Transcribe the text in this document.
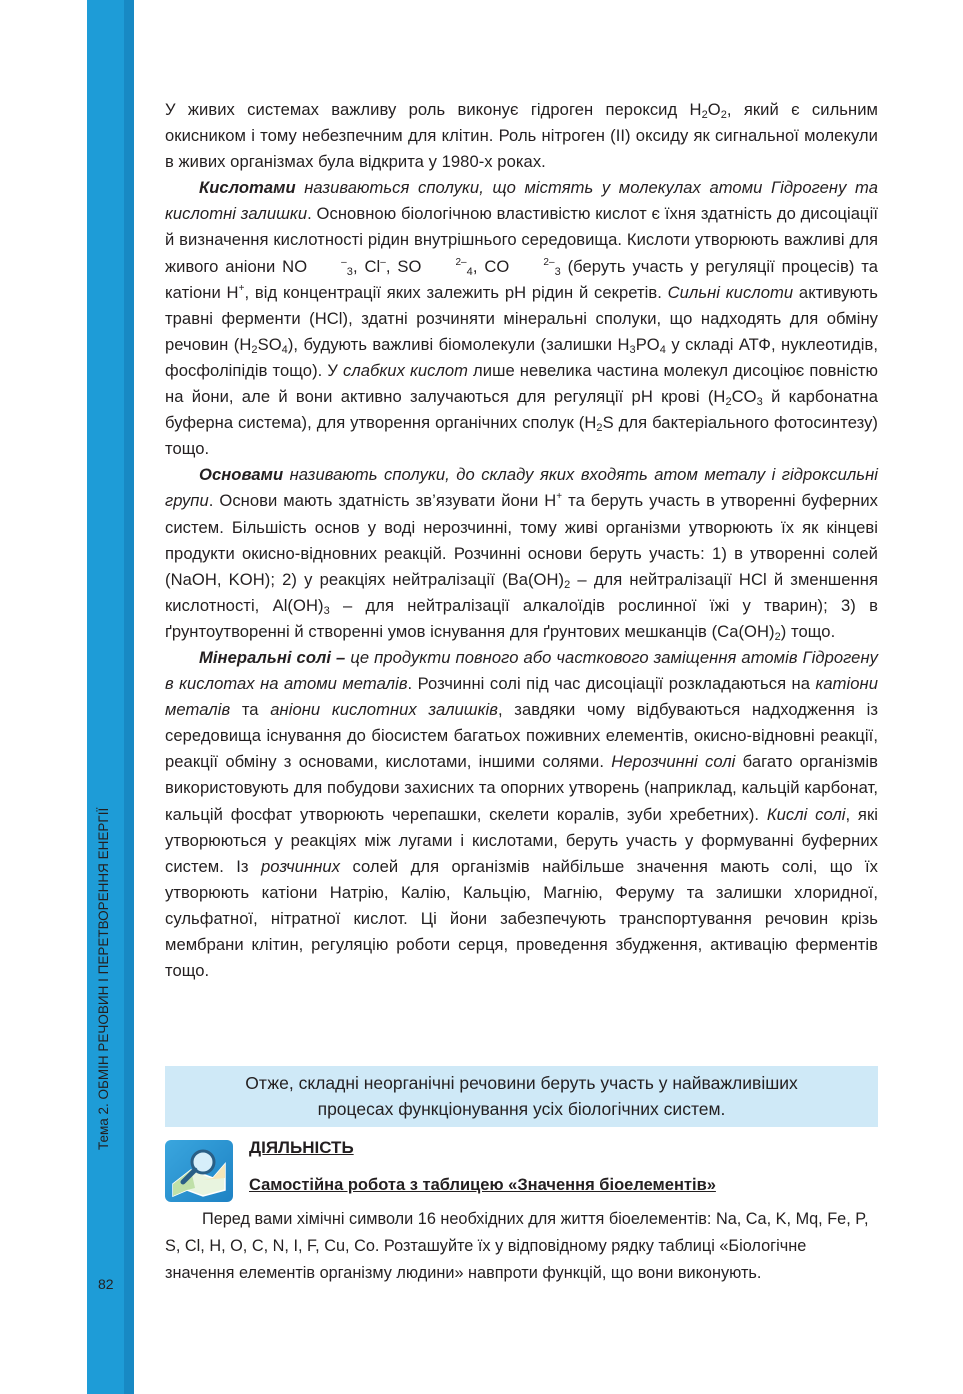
Тема 2. ОБМІН РЕЧОВИН І ПЕРЕТВОРЕННЯ ЕНЕРГІЇ
82

У живих системах важливу роль виконує гідроген пероксид $H_2O_2$, який є сильним окисником і тому небезпечним для клітин. Роль нітроген (II) оксиду як сигнальної молекули в живих організмах була відкрита у 1980-х роках.

Кислотами називаються сполуки, що містять у молекулах атоми Гідрогену та кислотні залишки. Основною біологічною властивістю кислот є їхня здатність до дисоціації й визначення кислотності рідин внутрішнього середовища. Кислоти утворюють важливі для живого аніони NO	–$_3$, Cl–, SO	$^{2-}_4$, CO	$^{2-}_3$ (беруть участь у регуляції процесів) та катіони H+, від концентрації яких залежить pH рідин й секретів. Сильні кислоти активують травні ферменти (HCl), здатні розчиняти мінеральні сполуки, що надходять для обміну речовин $(H_2SO_4)$, будують важливі біомолекули (залишки $H_3PO_4$ у складі АТФ, нуклеотидів, фосфоліпідів тощо). У слабких кислот лише невелика частина молекул дисоціює повністю на йони, але й вони активно залучаються для регуляції pH крові ($H_2CO_3$ й карбонатна буферна система), для утворення органічних сполук ($H_2S$ для бактеріального фотосинтезу) тощо.

Основами називають сполуки, до складу яких входять атом металу і гідроксильні групи. Основи мають здатність зв’язувати йони H+ та беруть участь в утворенні буферних систем. Більшість основ у воді нерозчинні, тому живі організми утворюють їх як кінцеві продукти окисно-відновних реакцій. Розчинні основи беруть участь: 1) в утворенні солей (NaOH, KOH); 2) у реакціях нейтралізації ($Ba(OH)_2$ – для нейтралізації HCl й зменшення кислотності, $Al(OH)_3$ – для нейтралізації алкалоїдів рослинної їжі у тварин); 3) в ґрунтоутворенні й створенні умов існування для ґрунтових мешканців $(Ca(OH)_2)$ тощо.

Мінеральні солі – це продукти повного або часткового заміщення атомів Гідрогену в кислотах на атоми металів. Розчинні солі під час дисоціації розкладаються на катіони металів та аніони кислотних залишків, завдяки чому відбуваються надходження із середовища існування до біосистем багатьох поживних елементів, окисно-відновні реакції, реакції обміну з основами, кислотами, іншими солями. Нерозчинні солі багато організмів використовують для побудови захисних та опорних утворень (наприклад, кальцій карбонат, кальцій фосфат утворюють черепашки, скелети коралів, зуби хребетних). Кислі солі, які утворюються у реакціях між лугами і кислотами, беруть участь у формуванні буферних систем. Із розчинних солей для організмів найбільше значення мають солі, що їх утворюють катіони Натрію, Калію, Кальцію, Магнію, Феруму та залишки хлоридної, сульфатної, нітратної кислот. Ці йони забезпечують транспортування речовин крізь мембрани клітин, регуляцію роботи серця, проведення збудження, активацію ферментів тощо.

Отже, складні неорганічні речовини беруть участь у найважливіших
процесах функціонування усіх біологічних систем.
ДІЯЛЬНІСТЬ
Самостійна робота з таблицею «Значення біоелементів»
Перед вами хімічні символи 16 необхідних для життя біоелементів: Na, Ca, K, Mq, Fe, P, S, Cl, H, O, C, N, I, F, Cu, Co. Розташуйте їх у відповідному рядку таблиці «Біологічне значення елементів організму людини» навпроти функцій, що вони виконують.
